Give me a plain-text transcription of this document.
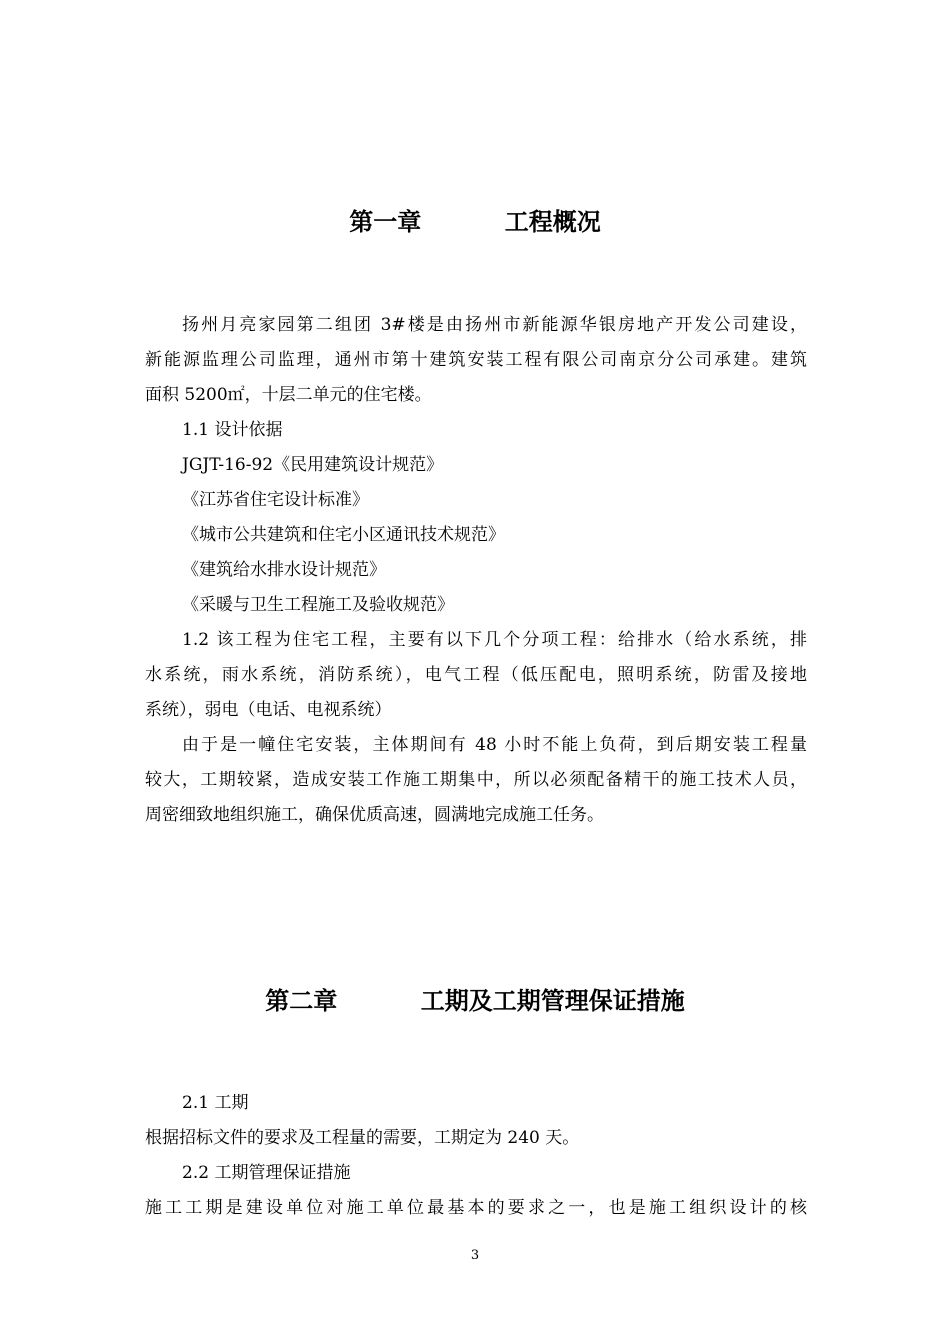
第一章          工程概况
扬州月亮家园第二组团 3#楼是由扬州市新能源华银房地产开发公司建设，
新能源监理公司监理，通州市第十建筑安装工程有限公司南京分公司承建。建筑
面积 5200㎡，十层二单元的住宅楼。
1.1 设计依据
JGJT-16-92《民用建筑设计规范》
《江苏省住宅设计标准》
《城市公共建筑和住宅小区通讯技术规范》
《建筑给水排水设计规范》
《采暖与卫生工程施工及验收规范》
1.2 该工程为住宅工程，主要有以下几个分项工程：给排水（给水系统，排
水系统，雨水系统，消防系统），电气工程（低压配电，照明系统，防雷及接地
系统），弱电（电话、电视系统）
由于是一幢住宅安装，主体期间有 48 小时不能上负荷，到后期安装工程量
较大，工期较紧，造成安装工作施工期集中，所以必须配备精干的施工技术人员，
周密细致地组织施工，确保优质高速，圆满地完成施工任务。
第二章          工期及工期管理保证措施
2.1 工期
根据招标文件的要求及工程量的需要，工期定为 240 天。
2.2 工期管理保证措施
施工工期是建设单位对施工单位最基本的要求之一，也是施工组织设计的核
3
